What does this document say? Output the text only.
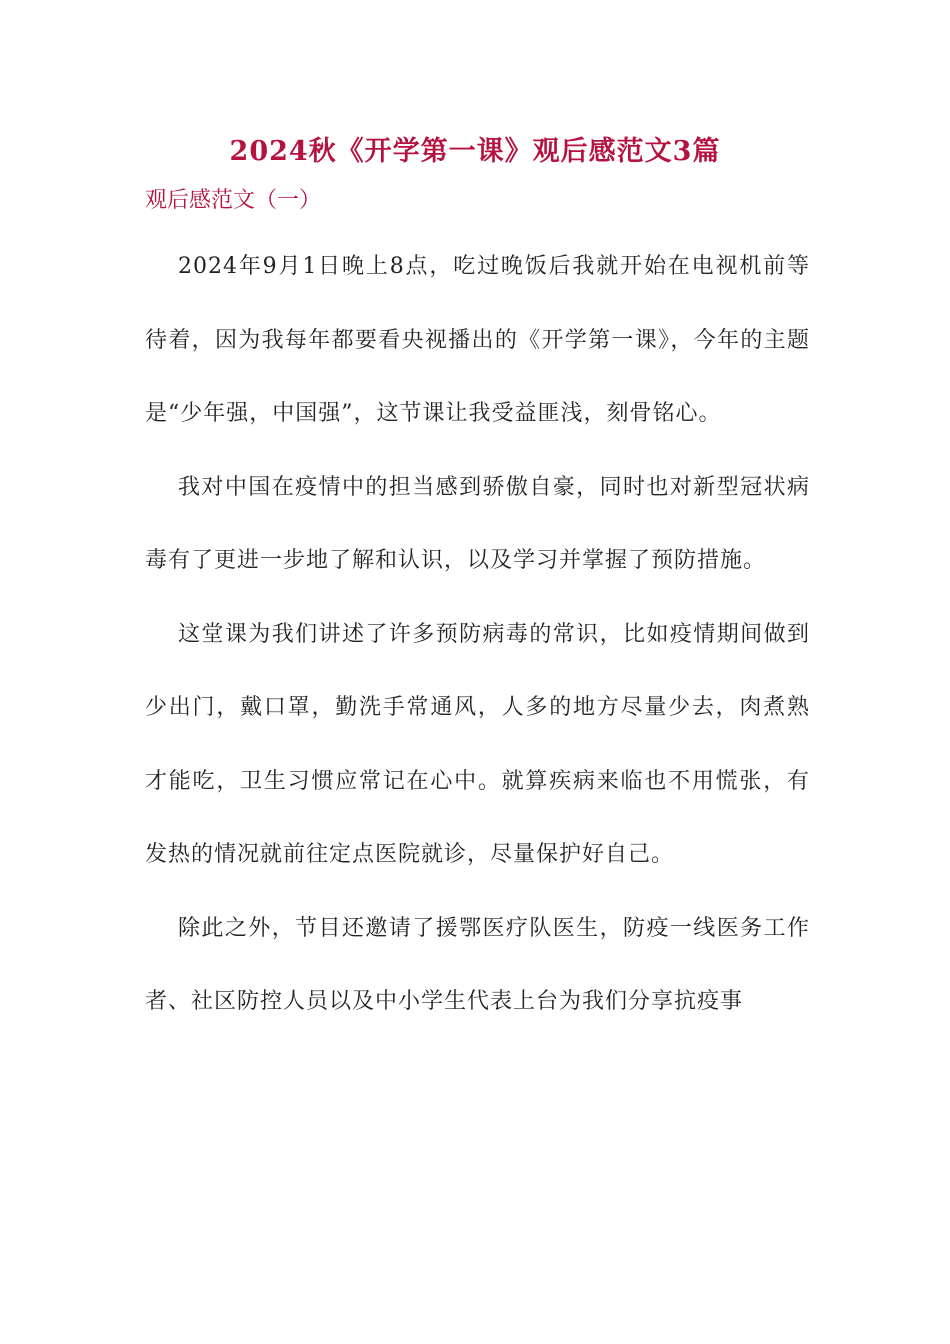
2024秋《开学第一课》观后感范文3篇
观后感范文（一）

2024年9月1日晚上8点，吃过晚饭后我就开始在电视机前等待着，因为我每年都要看央视播出的《开学第一课》，今年的主题是“少年强，中国强”，这节课让我受益匪浅，刻骨铭心。

我对中国在疫情中的担当感到骄傲自豪，同时也对新型冠状病毒有了更进一步地了解和认识，以及学习并掌握了预防措施。

这堂课为我们讲述了许多预防病毒的常识，比如疫情期间做到少出门，戴口罩，勤洗手常通风，人多的地方尽量少去，肉煮熟才能吃，卫生习惯应常记在心中。就算疾病来临也不用慌张，有发热的情况就前往定点医院就诊，尽量保护好自己。

除此之外，节目还邀请了援鄂医疗队医生，防疫一线医务工作者、社区防控人员以及中小学生代表上台为我们分享抗疫事
